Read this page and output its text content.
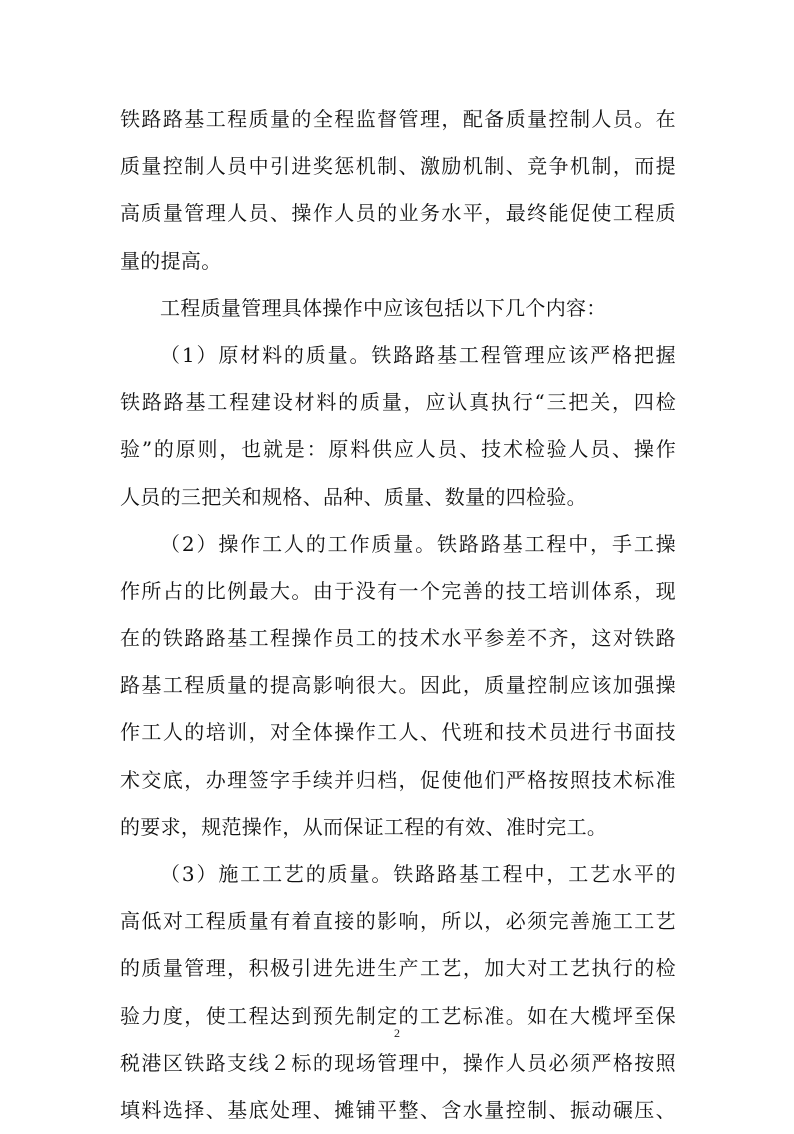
铁路路基工程质量的全程监督管理，配备质量控制人员。在
质量控制人员中引进奖惩机制、激励机制、竞争机制，而提
高质量管理人员、操作人员的业务水平，最终能促使工程质
量的提高。
工程质量管理具体操作中应该包括以下几个内容：
（1）原材料的质量。铁路路基工程管理应该严格把握
铁路路基工程建设材料的质量，应认真执行“三把关，四检
验”的原则，也就是：原料供应人员、技术检验人员、操作
人员的三把关和规格、品种、质量、数量的四检验。
（2）操作工人的工作质量。铁路路基工程中，手工操
作所占的比例最大。由于没有一个完善的技工培训体系，现
在的铁路路基工程操作员工的技术水平参差不齐，这对铁路
路基工程质量的提高影响很大。因此，质量控制应该加强操
作工人的培训，对全体操作工人、代班和技术员进行书面技
术交底，办理签字手续并归档，促使他们严格按照技术标准
的要求，规范操作，从而保证工程的有效、准时完工。
（3）施工工艺的质量。铁路路基工程中，工艺水平的
高低对工程质量有着直接的影响，所以，必须完善施工工艺
的质量管理，积极引进先进生产工艺，加大对工艺执行的检
验力度，使工程达到预先制定的工艺标准。如在大榄坪至保
税港区铁路支线２标的现场管理中，操作人员必须严格按照
填料选择、基底处理、摊铺平整、含水量控制、振动碾压、
2
